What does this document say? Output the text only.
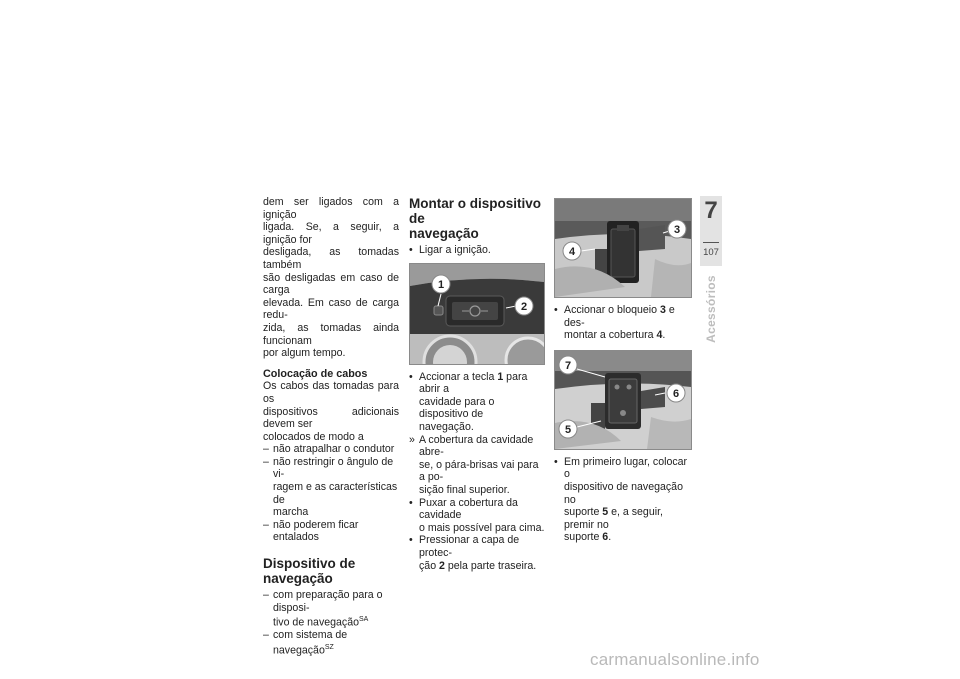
dem ser ligados com a ignição
ligada. Se, a seguir, a ignição for
desligada, as tomadas também
são desligadas em caso de carga
elevada. Em caso de carga redu-
zida, as tomadas ainda funcionam
por algum tempo.

Colocação de cabos

Os cabos das tomadas para os
dispositivos adicionais devem ser
colocados de modo a

– não atrapalhar o condutor
– não restringir o ângulo de vi-
ragem e as características de
marcha
– não poderem ficar entalados
Dispositivo de
navegação
– com preparação para o disposi-
tivo de navegação$^{SA}$
– com sistema de navegação$^{SZ}$
Montar o dispositivo de
navegação
• Ligar a ignição.
1
2
• Accionar a tecla 1 para abrir a
cavidade para o dispositivo de
navegação.
» A cobertura da cavidade abre-
se, o pára-brisas vai para a po-
sição final superior.
• Puxar a cobertura da cavidade
o mais possível para cima.
• Pressionar a capa de protec-
ção 2 pela parte traseira.
3
4
• Accionar o bloqueio 3 e des-
montar a cobertura 4.
7
6
5
• Em primeiro lugar, colocar o
dispositivo de navegação no
suporte 5 e, a seguir, premir no
suporte 6.
7
107
Acessórios
carmanualsonline.info
